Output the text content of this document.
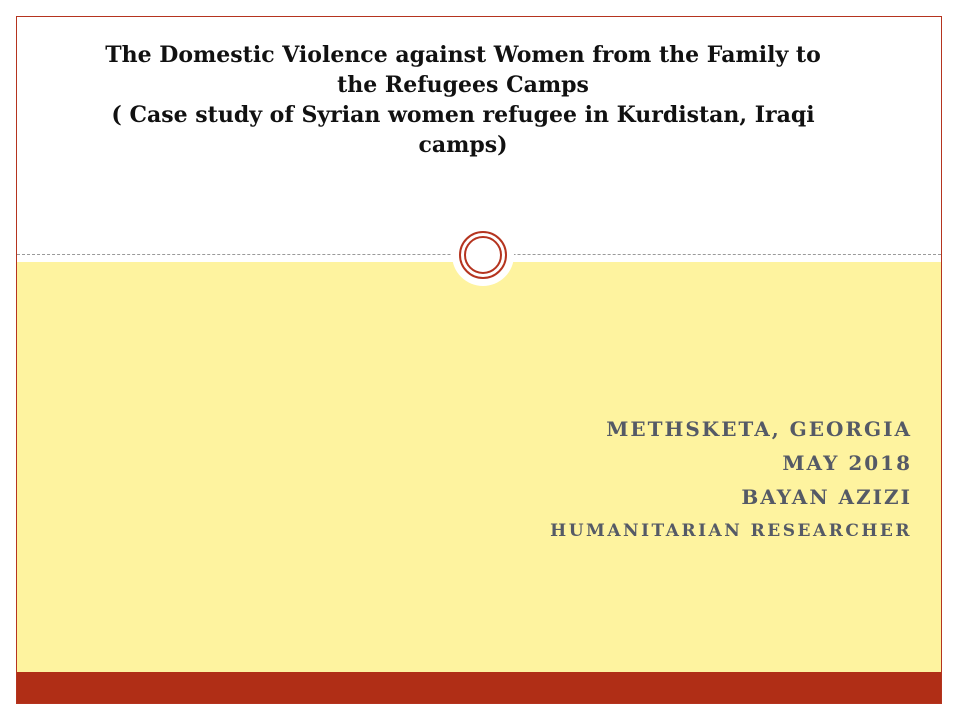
The Domestic Violence against Women from the Family to
the Refugees Camps
( Case study of Syrian women refugee in Kurdistan, Iraqi
camps)
METHSKETA, GEORGIA
MAY 2018
BAYAN AZIZI
HUMANITARIAN RESEARCHER
